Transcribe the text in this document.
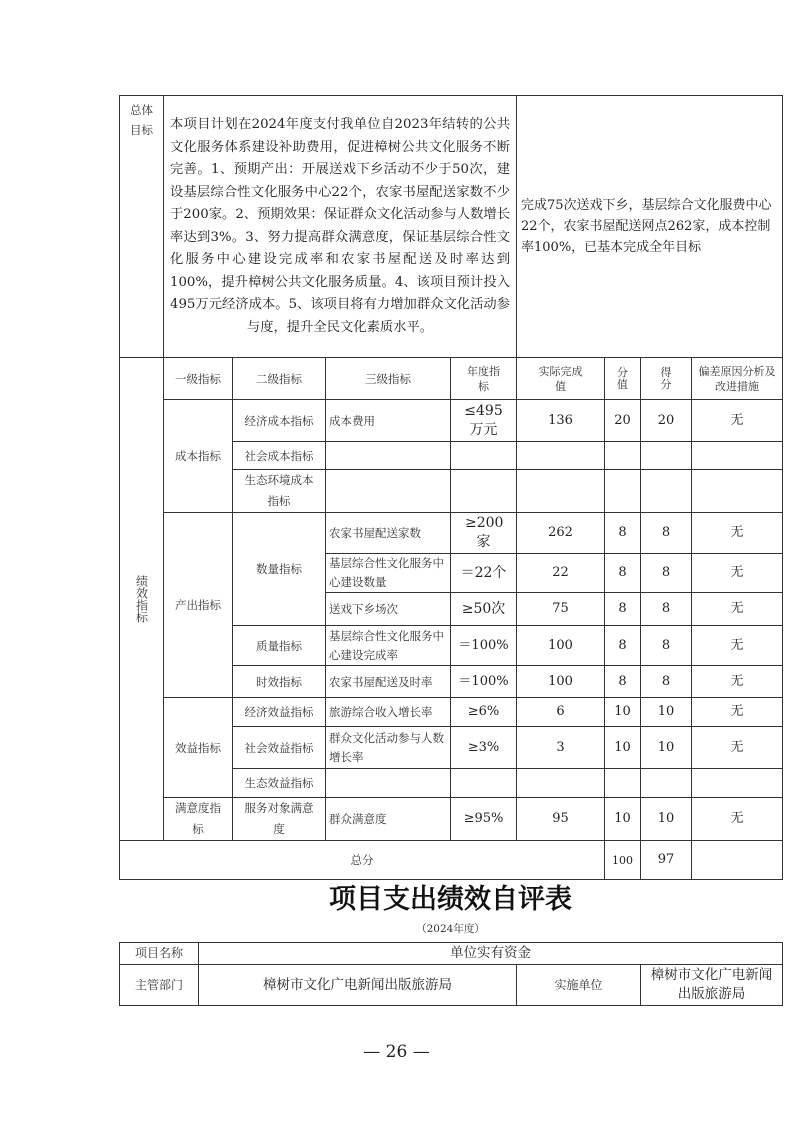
总体目标	本项目计划在2024年度支付我单位自2023年结转的公共文化服务体系建设补助费用，促进樟树公共文化服务不断完善。1、预期产出：开展送戏下乡活动不少于50次，建设基层综合性文化服务中心22个，农家书屋配送家数不少于200家。2、预期效果：保证群众文化活动参与人数增长率达到3%。3、努力提高群众满意度，保证基层综合性文化服务中心建设完成率和农家书屋配送及时率达到100%，提升樟树公共文化服务质量。4、该项目预计投入495万元经济成本。5、该项目将有力增加群众文化活动参与度，提升全民文化素质水平。				完成75次送戏下乡，基层综合文化服费中心22个，农家书屋配送网点262家，成本控制率100%，已基本完成全年目标			

绩效指标	一级指标	二级指标	三级指标	年度指标	实际完成值	分值	得分	偏差原因分析及改进措施
	成本指标	经济成本指标	成本费用	≤495万元	136	20	20	无
		社会成本指标						
		生态环境成本指标						
	产出指标	数量指标	农家书屋配送家数	≥200家	262	8	8	无
			基层综合性文化服务中心建设数量	＝22个	22	8	8	无
			送戏下乡场次	≥50次	75	8	8	无
		质量指标	基层综合性文化服务中心建设完成率	＝100%	100	8	8	无
		时效指标	农家书屋配送及时率	＝100%	100	8	8	无
	效益指标	经济效益指标	旅游综合收入增长率	≥6%	6	10	10	无
		社会效益指标	群众文化活动参与人数增长率	≥3%	3	10	10	无
		生态效益指标						
	满意度指标	服务对象满意度	群众满意度	≥95%	95	10	10	无
总分						100	97	
项目支出绩效自评表
（2024年度）
项目名称	单位实有资金		
主管部门	樟树市文化广电新闻出版旅游局	实施单位	樟树市文化广电新闻出版旅游局
— 26 —
